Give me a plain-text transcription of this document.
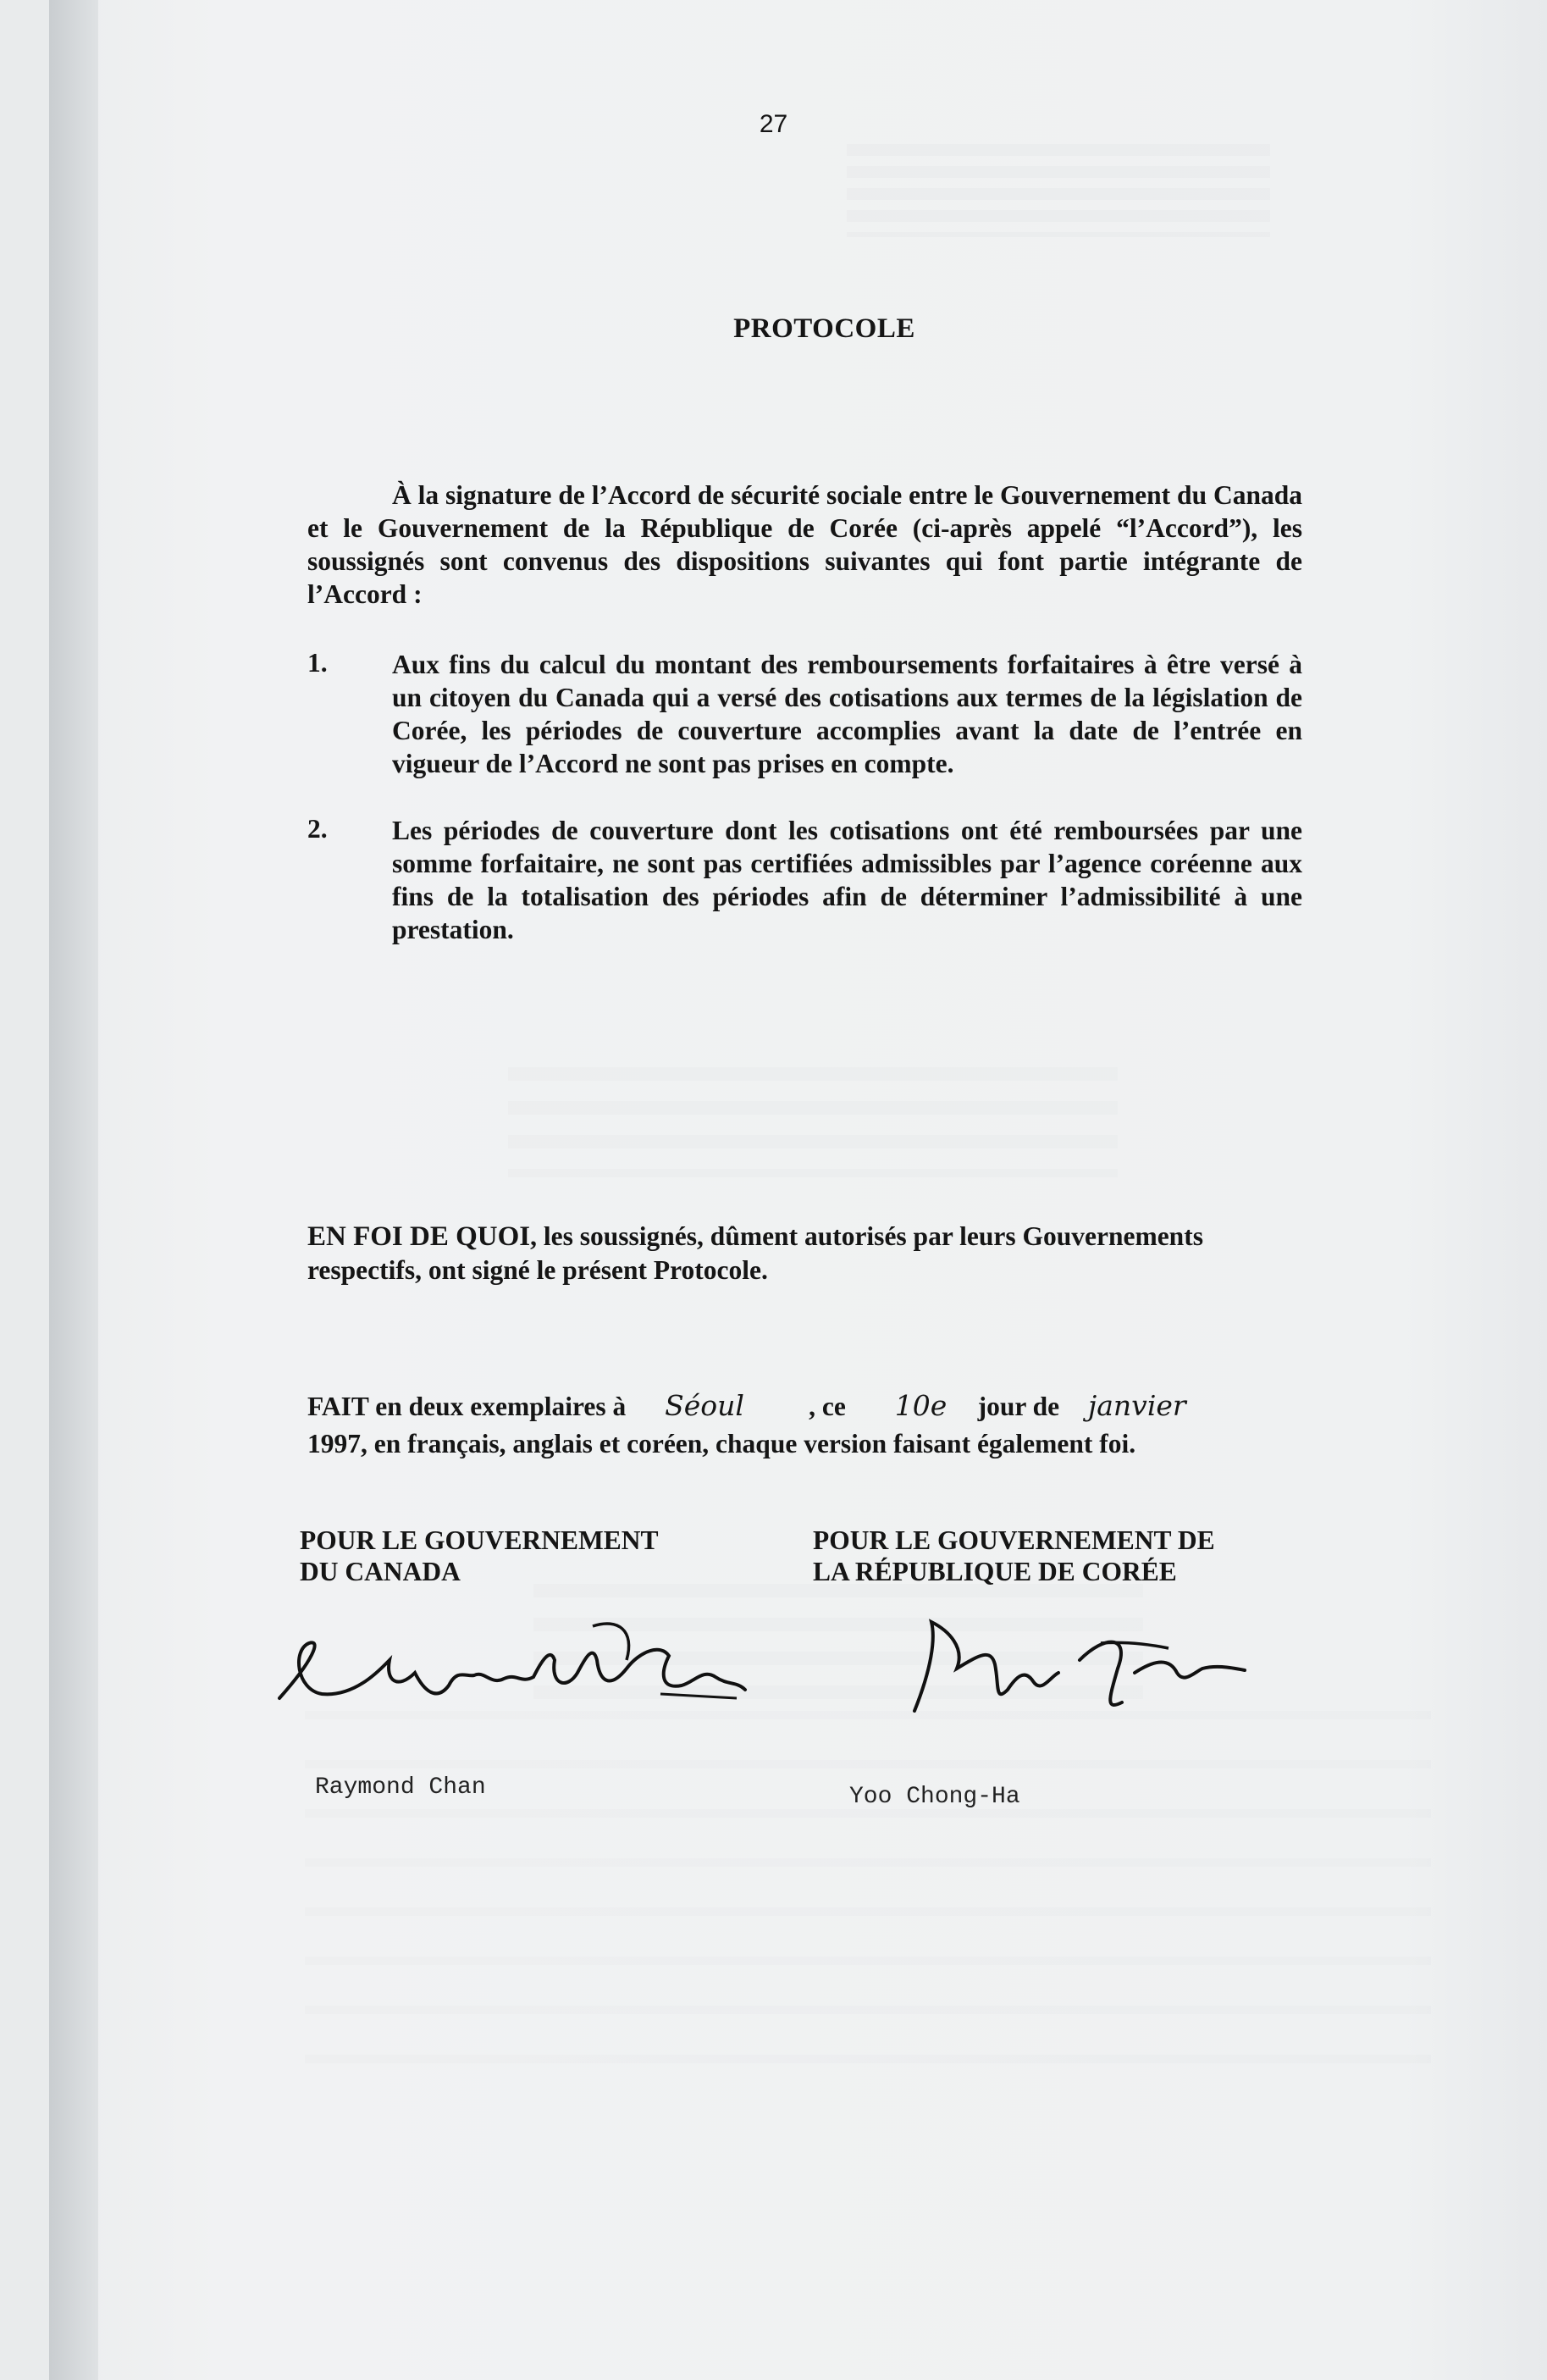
27
PROTOCOLE
À la signature de l’Accord de sécurité sociale entre le Gouvernement du Canada et le Gouvernement de la République de Corée (ci-après appelé “l’Accord”), les soussignés sont convenus des dispositions suivantes qui font partie intégrante de l’Accord :
1. Aux fins du calcul du montant des remboursements forfaitaires à être versé à un citoyen du Canada qui a versé des cotisations aux termes de la législation de Corée, les périodes de couverture accomplies avant la date de l’entrée en vigueur de l’Accord ne sont pas prises en compte.
2. Les périodes de couverture dont les cotisations ont été remboursées par une somme forfaitaire, ne sont pas certifiées admissibles par l’agence coréenne aux fins de la totalisation des périodes afin de déterminer l’admissibilité à une prestation.
EN FOI DE QUOI, les soussignés, dûment autorisés par leurs Gouvernements respectifs, ont signé le présent Protocole.
FAIT en deux exemplaires à Séoul , ce 10e jour de janvier
1997, en français, anglais et coréen, chaque version faisant également foi.
POUR LE GOUVERNEMENT
DU CANADA
POUR LE GOUVERNEMENT DE
LA RÉPUBLIQUE DE CORÉE
Raymond Chan	Yoo Chong-Ha
